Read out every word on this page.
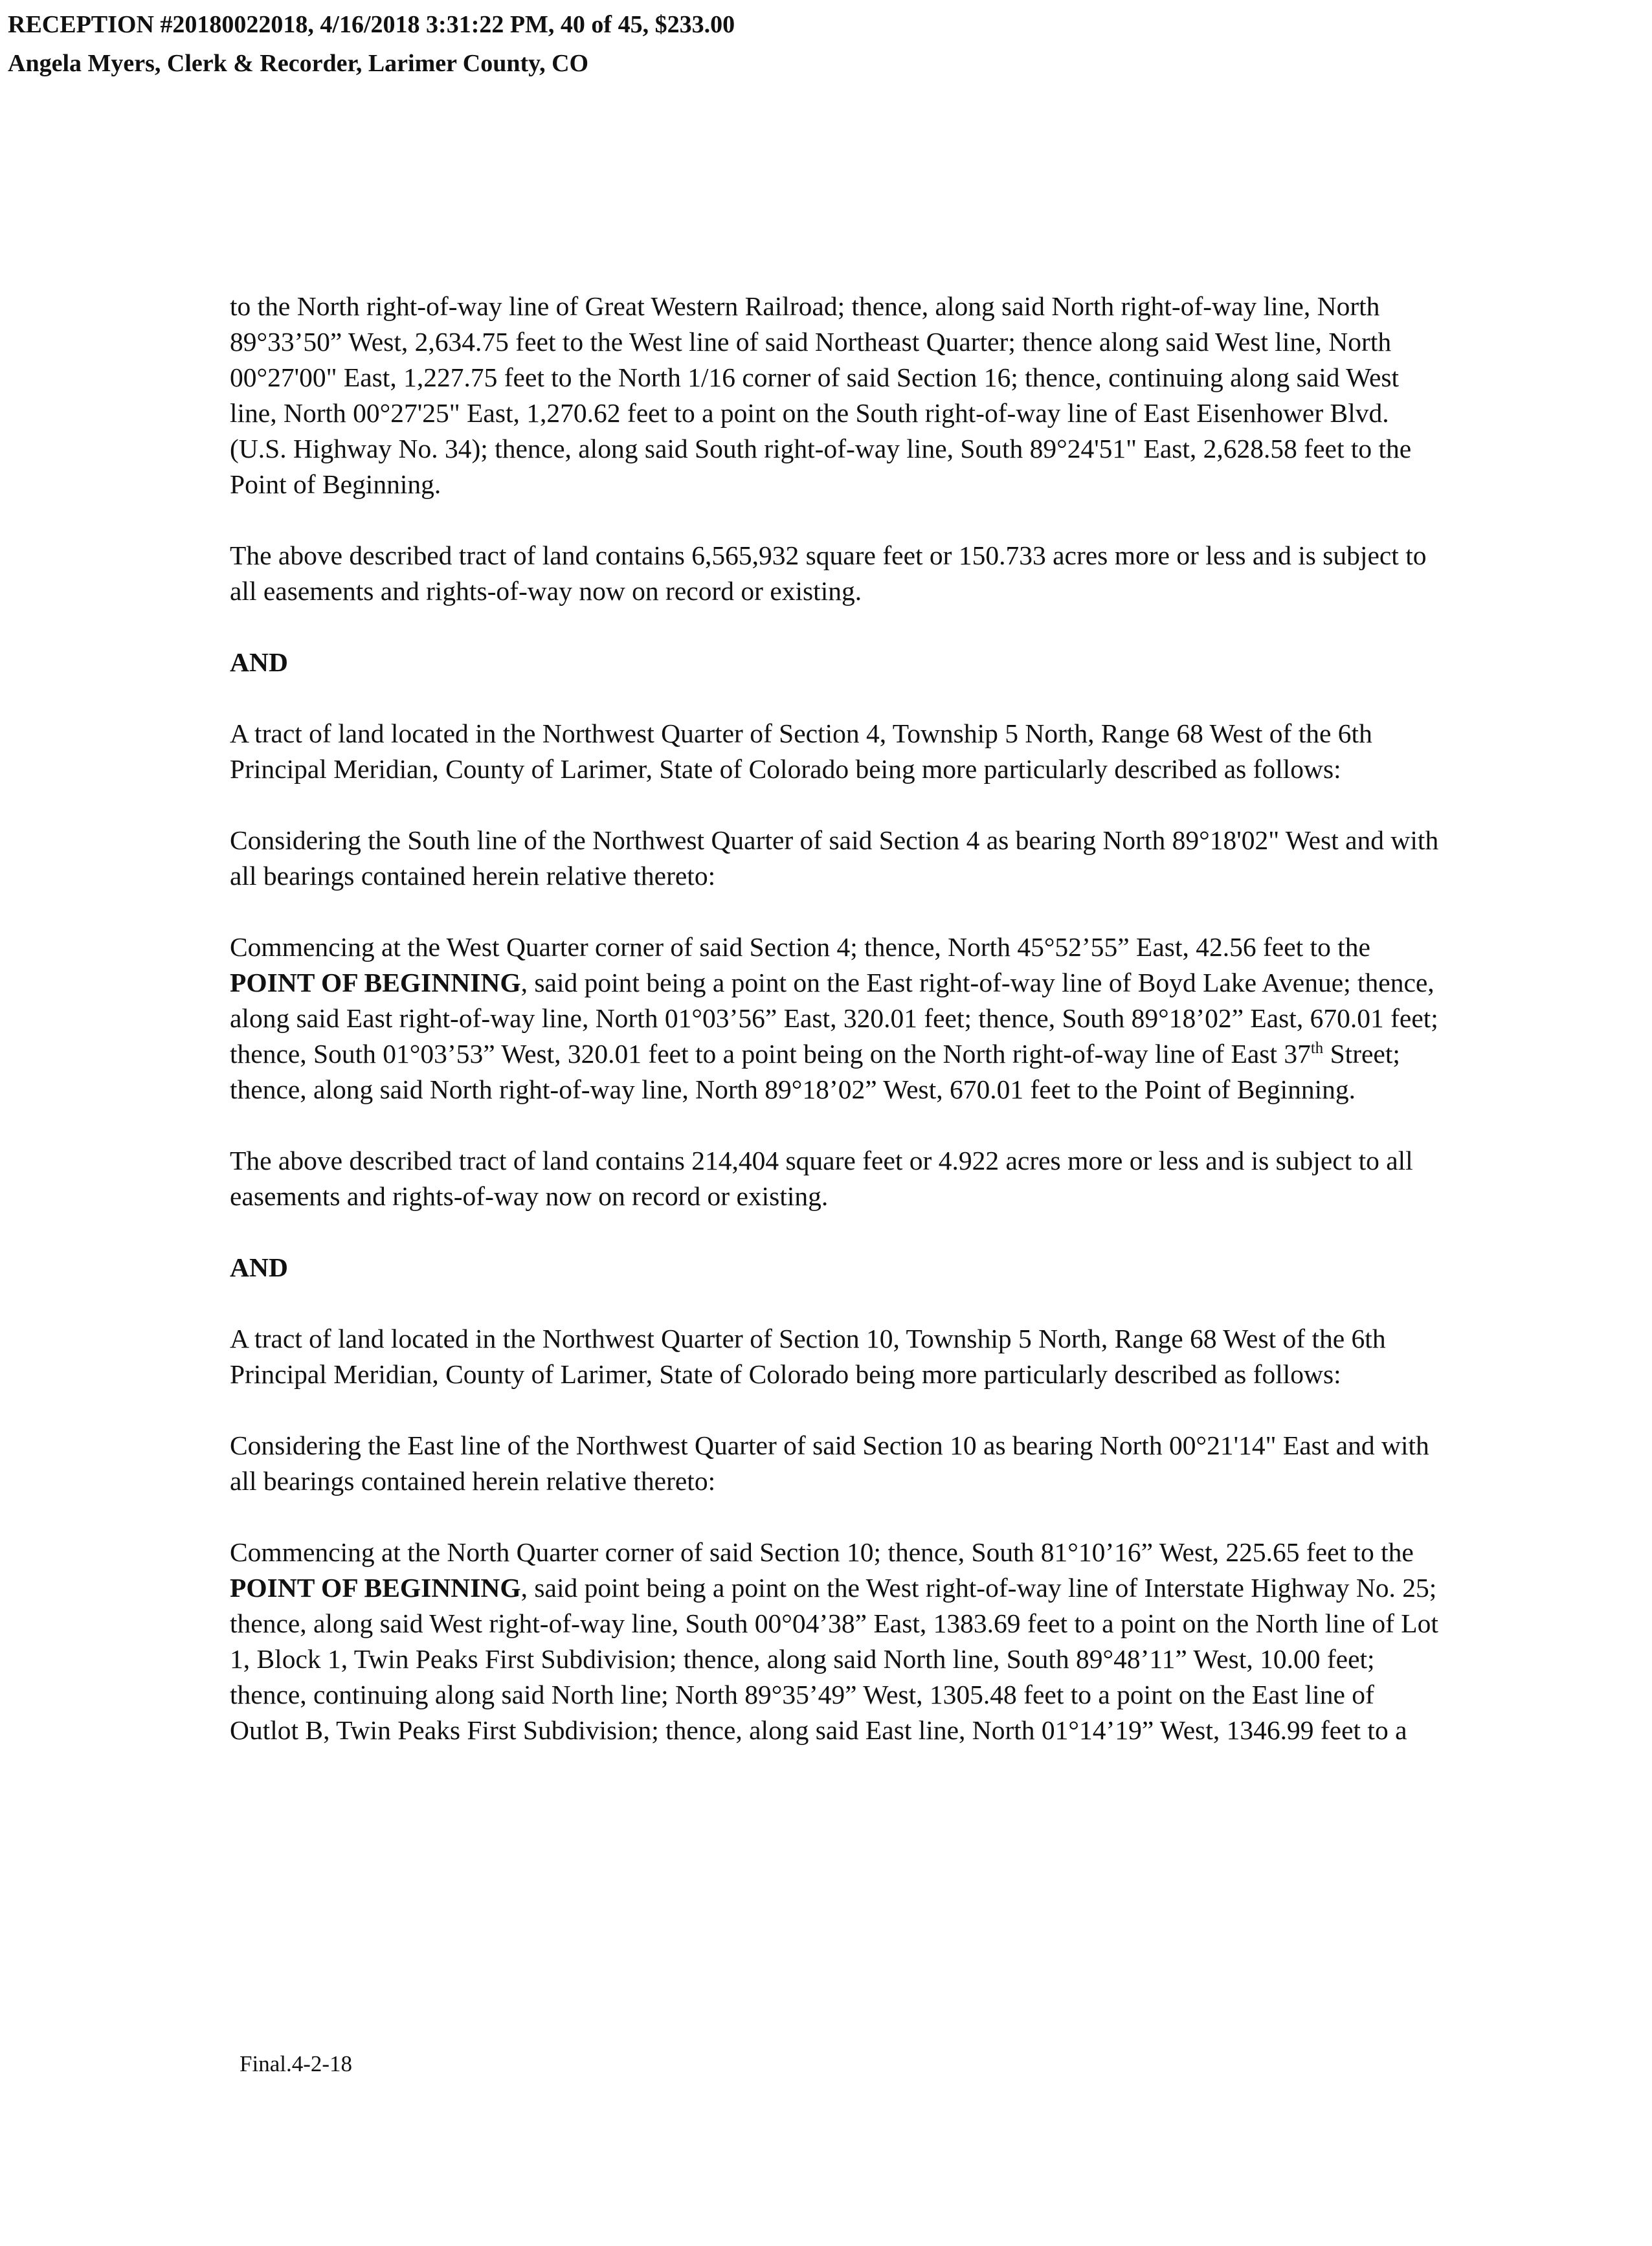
RECEPTION #20180022018, 4/16/2018 3:31:22 PM, 40 of 45, $233.00
Angela Myers, Clerk & Recorder, Larimer County, CO

to the North right-of-way line of Great Western Railroad; thence, along said North right-of-way line, North 89°33’50” West, 2,634.75 feet to the West line of said Northeast Quarter; thence along said West line, North 00°27'00" East, 1,227.75 feet to the North 1/16 corner of said Section 16; thence, continuing along said West line, North 00°27'25" East, 1,270.62 feet to a point on the South right-of-way line of East Eisenhower Blvd. (U.S. Highway No. 34); thence, along said South right-of-way line, South 89°24'51" East, 2,628.58 feet to the Point of Beginning.

The above described tract of land contains 6,565,932 square feet or 150.733 acres more or less and is subject to all easements and rights-of-way now on record or existing.

AND

A tract of land located in the Northwest Quarter of Section 4, Township 5 North, Range 68 West of the 6th Principal Meridian, County of Larimer, State of Colorado being more particularly described as follows:

Considering the South line of the Northwest Quarter of said Section 4 as bearing North 89°18'02" West and with all bearings contained herein relative thereto:

Commencing at the West Quarter corner of said Section 4; thence, North 45°52’55” East, 42.56 feet to the POINT OF BEGINNING, said point being a point on the East right-of-way line of Boyd Lake Avenue; thence, along said East right-of-way line, North 01°03’56” East, 320.01 feet; thence, South 89°18’02” East, 670.01 feet; thence, South 01°03’53” West, 320.01 feet to a point being on the North right-of-way line of East 37th Street; thence, along said North right-of-way line, North 89°18’02” West, 670.01 feet to the Point of Beginning.

The above described tract of land contains 214,404 square feet or 4.922 acres more or less and is subject to all easements and rights-of-way now on record or existing.

AND

A tract of land located in the Northwest Quarter of Section 10, Township 5 North, Range 68 West of the 6th Principal Meridian, County of Larimer, State of Colorado being more particularly described as follows:

Considering the East line of the Northwest Quarter of said Section 10 as bearing North 00°21'14" East and with all bearings contained herein relative thereto:

Commencing at the North Quarter corner of said Section 10; thence, South 81°10’16” West, 225.65 feet to the POINT OF BEGINNING, said point being a point on the West right-of-way line of Interstate Highway No. 25; thence, along said West right-of-way line, South 00°04’38” East, 1383.69 feet to a point on the North line of Lot 1, Block 1, Twin Peaks First Subdivision; thence, along said North line, South 89°48’11” West, 10.00 feet; thence, continuing along said North line; North 89°35’49” West, 1305.48 feet to a point on the East line of Outlot B, Twin Peaks First Subdivision; thence, along said East line, North 01°14’19” West, 1346.99 feet to a

Final.4-2-18
